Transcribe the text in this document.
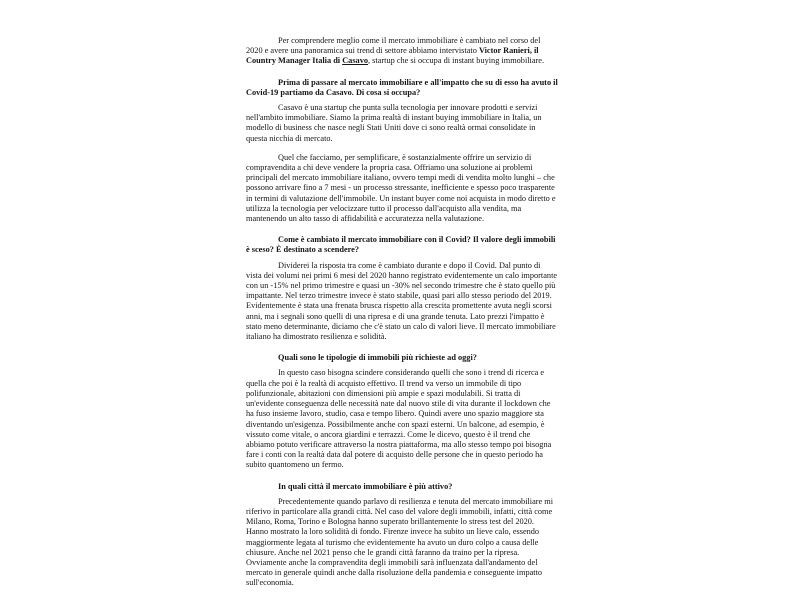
Per comprendere meglio come il mercato immobiliare è cambiato nel corso del 2020 e avere una panoramica sui trend di settore abbiamo intervistato Victor Ranieri, il Country Manager Italia di Casavo, startup che si occupa di instant buying immobiliare.

Prima di passare al mercato immobiliare e all'impatto che su di esso ha avuto il Covid-19 partiamo da Casavo. Di cosa si occupa?

Casavo è una startup che punta sulla tecnologia per innovare prodotti e servizi nell'ambito immobiliare. Siamo la prima realtà di instant buying immobiliare in Italia, un modello di business che nasce negli Stati Uniti dove ci sono realtà ormai consolidate in questa nicchia di mercato.

Quel che facciamo, per semplificare, è sostanzialmente offrire un servizio di compravendita a chi deve vendere la propria casa. Offriamo una soluzione ai problemi principali del mercato immobiliare italiano, ovvero tempi medi di vendita molto lunghi – che possono arrivare fino a 7 mesi - un processo stressante, inefficiente e spesso poco trasparente in termini di valutazione dell'immobile. Un instant buyer come noi acquista in modo diretto e utilizza la tecnologia per velocizzare tutto il processo dall'acquisto alla vendita, ma mantenendo un alto tasso di affidabilità e accuratezza nella valutazione.

Come è cambiato il mercato immobiliare con il Covid? Il valore degli immobili è sceso? È destinato a scendere?

Dividerei la risposta tra come è cambiato durante e dopo il Covid. Dal punto di vista dei volumi nei primi 6 mesi del 2020 hanno registrato evidentemente un calo importante con un -15% nel primo trimestre e quasi un -30% nel secondo trimestre che è stato quello più impattante. Nel terzo trimestre invece è stato stabile, quasi pari allo stesso periodo del 2019. Evidentemente è stata una frenata brusca rispetto alla crescita promettente avuta negli scorsi anni, ma i segnali sono quelli di una ripresa e di una grande tenuta. Lato prezzi l'impatto è stato meno determinante, diciamo che c'è stato un calo di valori lieve. Il mercato immobiliare italiano ha dimostrato resilienza e solidità.

Quali sono le tipologie di immobili più richieste ad oggi?

In questo caso bisogna scindere considerando quelli che sono i trend di ricerca e quella che poi è la realtà di acquisto effettivo. Il trend va verso un immobile di tipo polifunzionale, abitazioni con dimensioni più ampie e spazi modulabili. Si tratta di un'evidente conseguenza delle necessità nate dal nuovo stile di vita durante il lockdown che ha fuso insieme lavoro, studio, casa e tempo libero. Quindi avere uno spazio maggiore sta diventando un'esigenza. Possibilmente anche con spazi esterni. Un balcone, ad esempio, è vissuto come vitale, o ancora giardini e terrazzi. Come le dicevo, questo è il trend che abbiamo potuto verificare attraverso la nostra piattaforma, ma allo stesso tempo poi bisogna fare i conti con la realtà data dal potere di acquisto delle persone che in questo periodo ha subito quantomeno un fermo.

In quali città il mercato immobiliare è più attivo?

Precedentemente quando parlavo di resilienza e tenuta del mercato immobiliare mi riferivo in particolare alla grandi città. Nel caso del valore degli immobili, infatti, città come Milano, Roma, Torino e Bologna hanno superato brillantemente lo stress test del 2020. Hanno mostrato la loro solidità di fondo. Firenze invece ha subito un lieve calo, essendo maggiormente legata al turismo che evidentemente ha avuto un duro colpo a causa delle chiusure. Anche nel 2021 penso che le grandi città faranno da traino per la ripresa. Ovviamente anche la compravendita degli immobili sarà influenzata dall'andamento del mercato in generale quindi anche dalla risoluzione della pandemia e conseguente impatto sull'economia.
